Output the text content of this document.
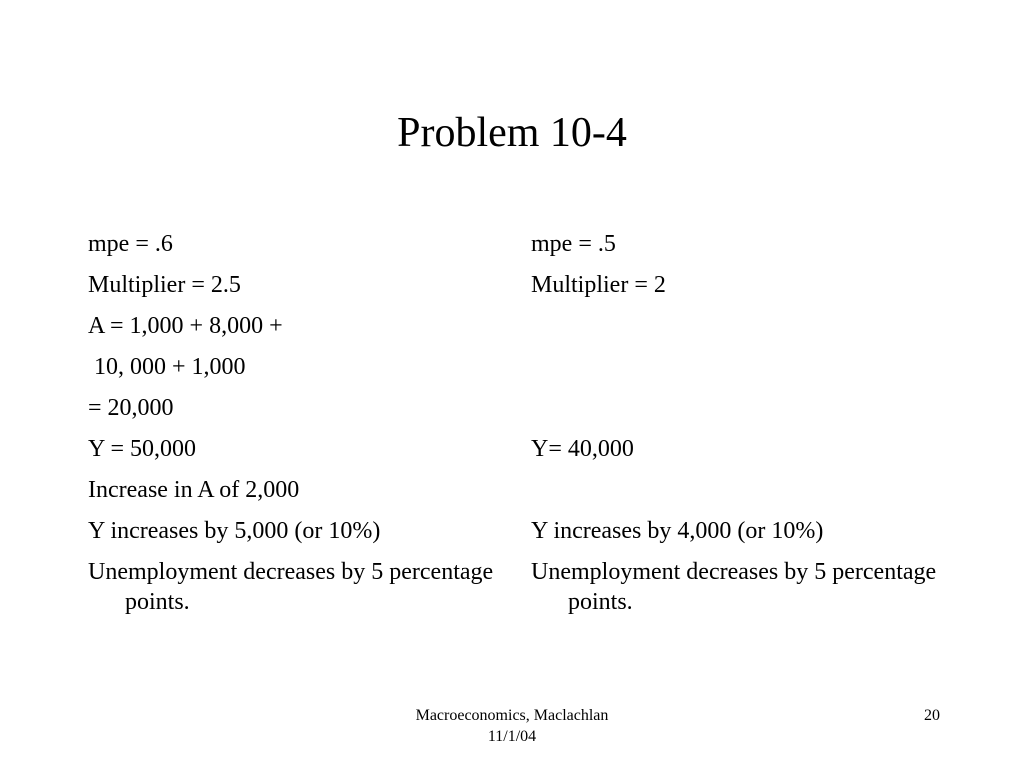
Problem 10-4
mpe = .6
Multiplier = 2.5
A = 1,000 + 8,000 +
10, 000 + 1,000
= 20,000
Y = 50,000
Increase in A of 2,000
Y increases by 5,000 (or 10%)
Unemployment decreases by 5 percentage points.
mpe = .5
Multiplier = 2
Y= 40,000
Y increases by 4,000 (or 10%)
Unemployment decreases by 5 percentage points.
Macroeconomics, Maclachlan
11/1/04
20
